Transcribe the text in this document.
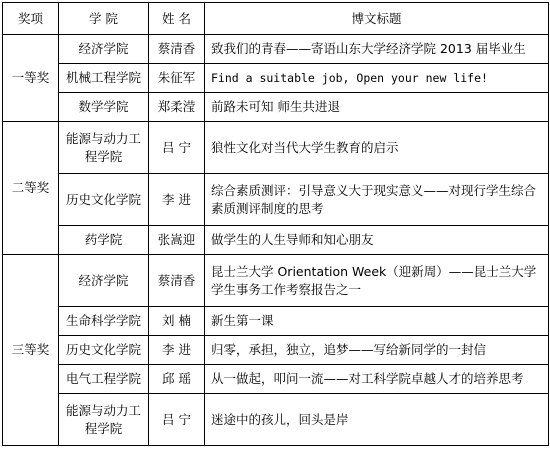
奖项	学 院	姓 名	博文标题
一等奖	经济学院	蔡清香	致我们的青春——寄语山东大学经济学院 2013 届毕业生
	机械工程学院	朱征军	Find a suitable job, Open your new life!
	数学学院	郑柔滢	前路未可知 师生共进退
二等奖	能源与动力工程学院	吕 宁	狼性文化对当代大学生教育的启示
	历史文化学院	李 进	综合素质测评：引导意义大于现实意义——对现行学生综合素质测评制度的思考
	药学院	张嵩迎	做学生的人生导师和知心朋友
三等奖	经济学院	蔡清香	昆士兰大学 Orientation Week（迎新周）——昆士兰大学学生事务工作考察报告之一
	生命科学学院	刘 楠	新生第一课
	历史文化学院	李 进	归零，承担，独立，追梦——写给新同学的一封信
	电气工程学院	邱 瑶	从一做起，叩问一流——对工科学院卓越人才的培养思考
	能源与动力工程学院	吕 宁	迷途中的孩儿，回头是岸
